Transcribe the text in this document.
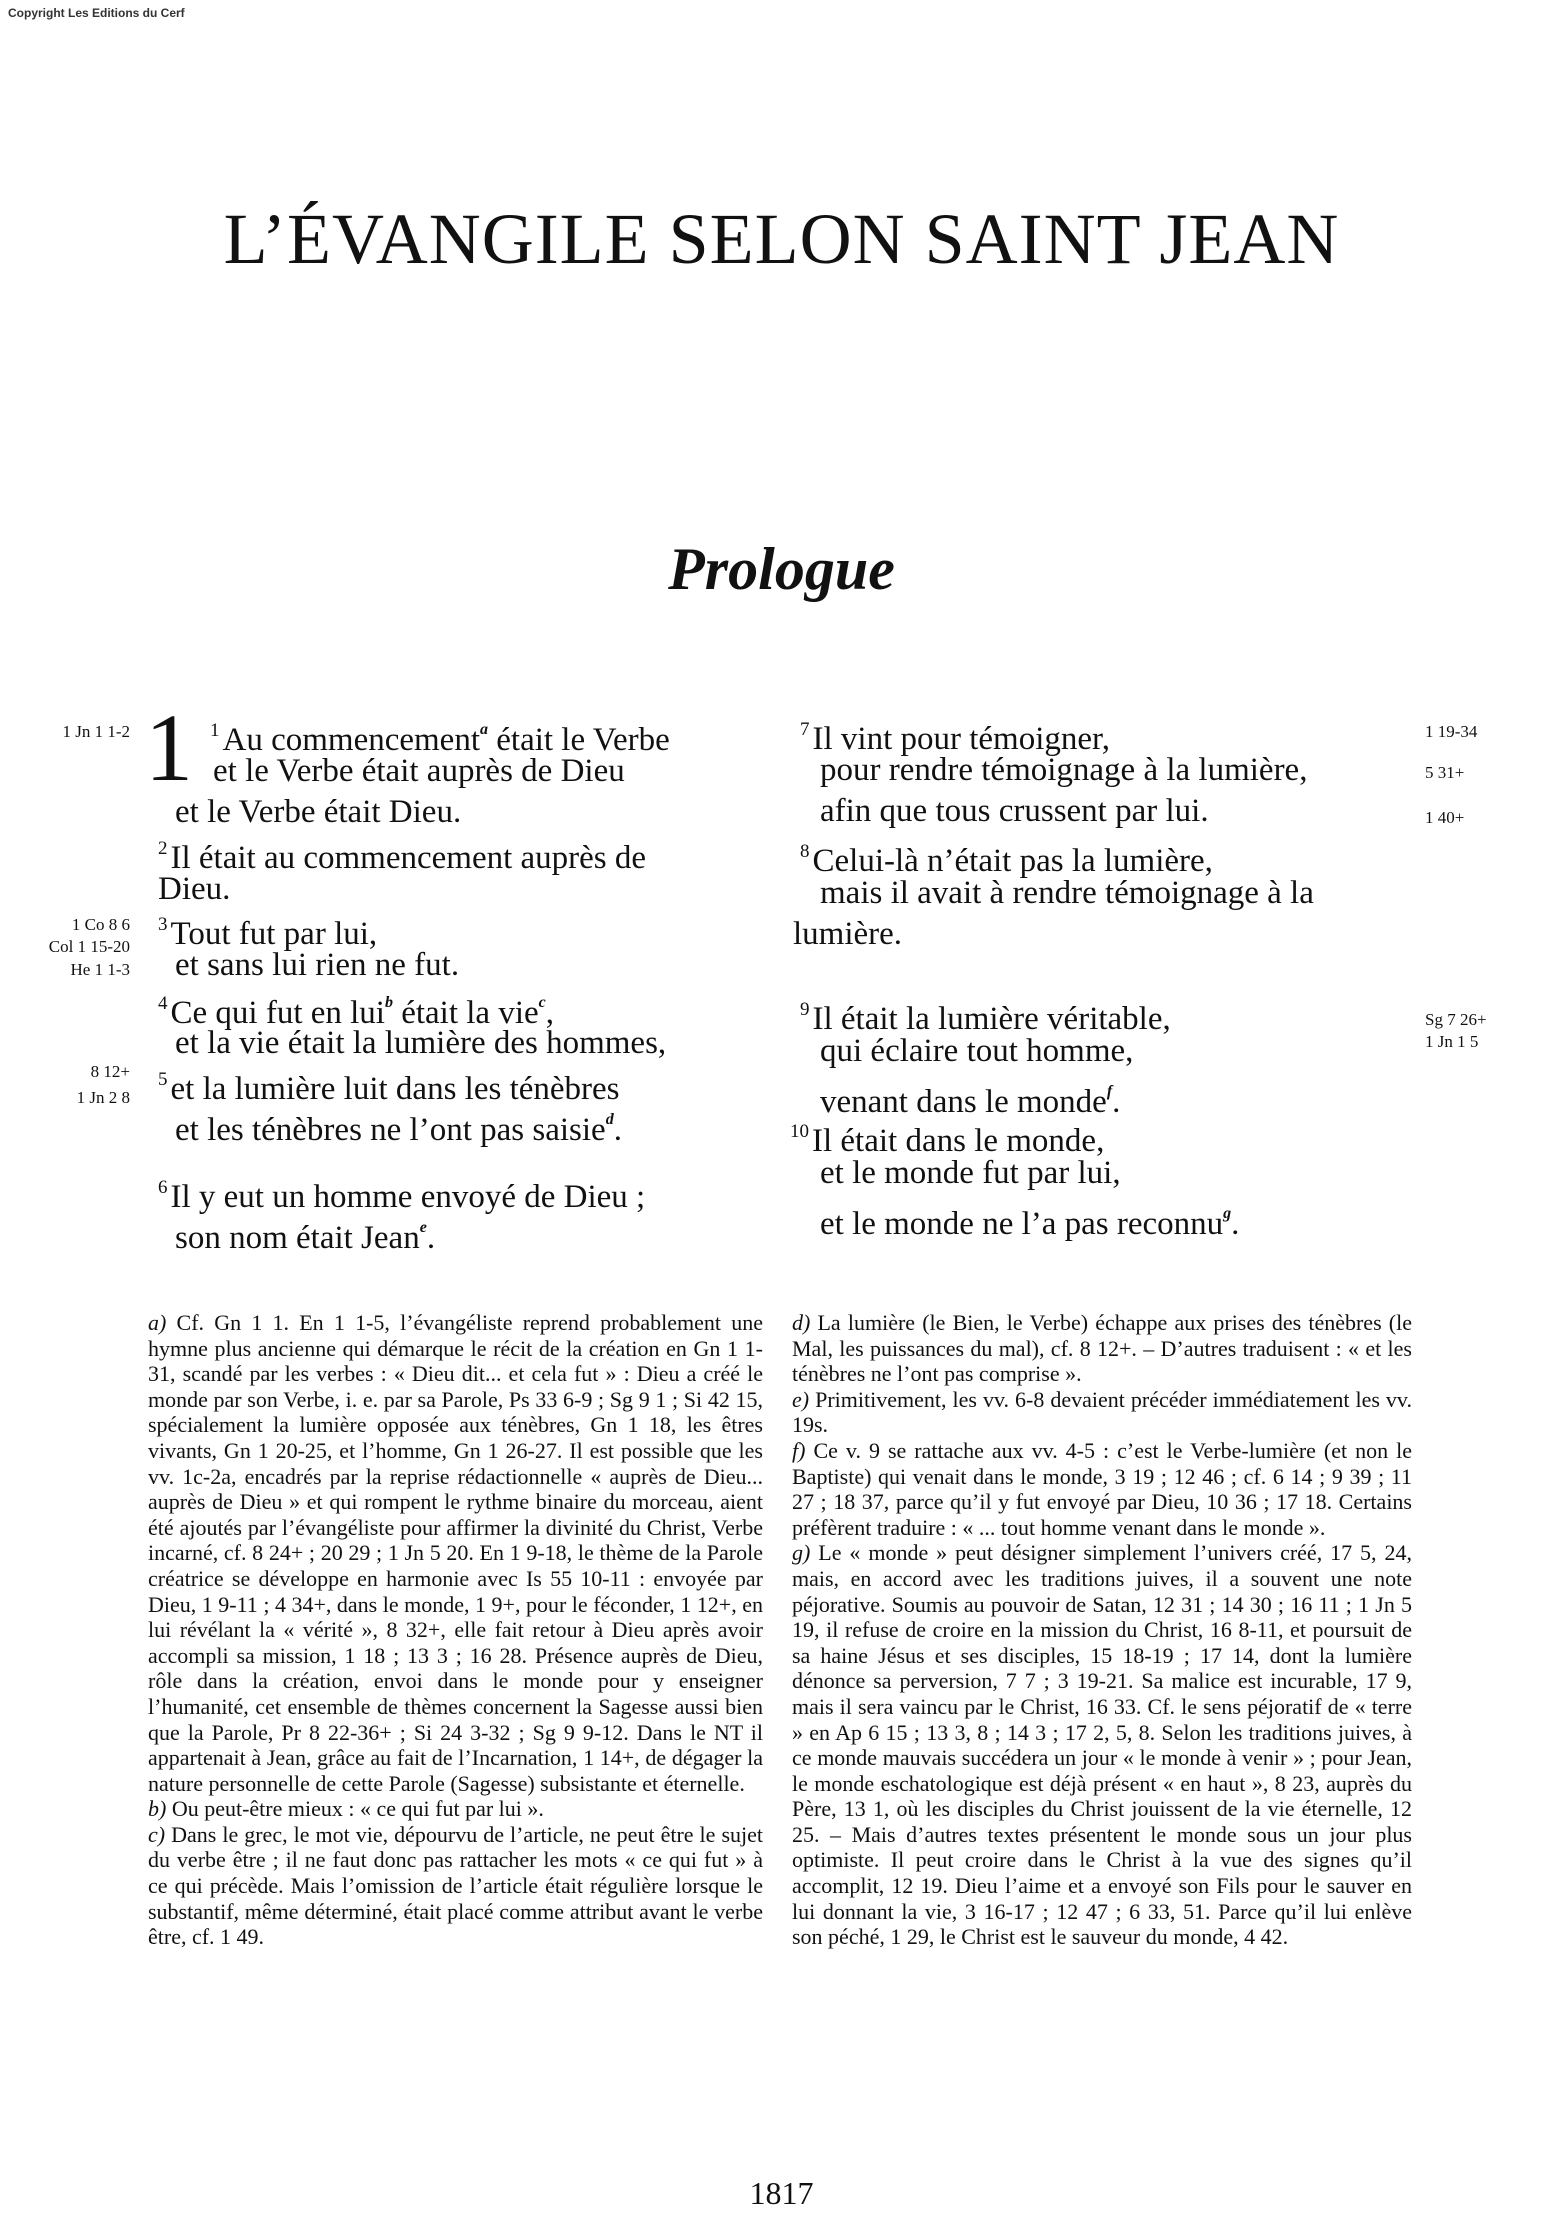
Copyright Les Editions du Cerf
L’ÉVANGILE SELON SAINT JEAN
Prologue
1 Jn 1 1-2
1 Co 8 6
Col 1 15-20
He 1 1-3
8 12+
1 Jn 2 8
1 19-34
5 31+
1 40+
Sg 7 26+
1 Jn 1 5
1 $^1$Au commencement$^a$ était le Verbe
et le Verbe était auprès de Dieu
et le Verbe était Dieu.
$^2$Il était au commencement auprès de
Dieu.
$^3$Tout fut par lui,
et sans lui rien ne fut.
$^4$Ce qui fut en lui$^b$ était la vie$^c$,
et la vie était la lumière des hommes,
$^5$et la lumière luit dans les ténèbres
et les ténèbres ne l’ont pas saisie$^d$.
$^6$Il y eut un homme envoyé de Dieu ;
son nom était Jean$^e$.
$^7$Il vint pour témoigner,
pour rendre témoignage à la lumière,
afin que tous crussent par lui.
$^8$Celui-là n’était pas la lumière,
mais il avait à rendre témoignage à la
lumière.
$^9$Il était la lumière véritable,
qui éclaire tout homme,
venant dans le monde$^f$.
$^{10}$Il était dans le monde,
et le monde fut par lui,
et le monde ne l’a pas reconnu$^g$.

a) Cf. Gn 1 1. En 1 1-5, l’évangéliste reprend probablement une hymne plus ancienne qui démarque le récit de la création en Gn 1 1-31, scandé par les verbes : « Dieu dit... et cela fut » : Dieu a créé le monde par son Verbe, i. e. par sa Parole, Ps 33 6-9 ; Sg 9 1 ; Si 42 15, spécialement la lumière opposée aux ténèbres, Gn 1 18, les êtres vivants, Gn 1 20-25, et l’homme, Gn 1 26-27. Il est possible que les vv. 1c-2a, encadrés par la reprise rédactionnelle « auprès de Dieu... auprès de Dieu » et qui rompent le rythme binaire du morceau, aient été ajoutés par l’évangéliste pour affirmer la divinité du Christ, Verbe incarné, cf. 8 24+ ; 20 29 ; 1 Jn 5 20. En 1 9-18, le thème de la Parole créatrice se développe en harmonie avec Is 55 10-11 : envoyée par Dieu, 1 9-11 ; 4 34+, dans le monde, 1 9+, pour le féconder, 1 12+, en lui révélant la « vérité », 8 32+, elle fait retour à Dieu après avoir accompli sa mission, 1 18 ; 13 3 ; 16 28. Présence auprès de Dieu, rôle dans la création, envoi dans le monde pour y enseigner l’humanité, cet ensemble de thèmes concernent la Sagesse aussi bien que la Parole, Pr 8 22-36+ ; Si 24 3-32 ; Sg 9 9-12. Dans le NT il appartenait à Jean, grâce au fait de l’Incarnation, 1 14+, de dégager la nature personnelle de cette Parole (Sagesse) subsistante et éternelle.

b) Ou peut-être mieux : « ce qui fut par lui ».

c) Dans le grec, le mot vie, dépourvu de l’article, ne peut être le sujet du verbe être ; il ne faut donc pas rattacher les mots « ce qui fut » à ce qui précède. Mais l’omission de l’article était régulière lorsque le substantif, même déterminé, était placé comme attribut avant le verbe être, cf. 1 49.

d) La lumière (le Bien, le Verbe) échappe aux prises des ténèbres (le Mal, les puissances du mal), cf. 8 12+. – D’autres traduisent : « et les ténèbres ne l’ont pas comprise ».

e) Primitivement, les vv. 6-8 devaient précéder immédiatement les vv. 19s.

f) Ce v. 9 se rattache aux vv. 4-5 : c’est le Verbe-lumière (et non le Baptiste) qui venait dans le monde, 3 19 ; 12 46 ; cf. 6 14 ; 9 39 ; 11 27 ; 18 37, parce qu’il y fut envoyé par Dieu, 10 36 ; 17 18. Certains préfèrent traduire : « ... tout homme venant dans le monde ».

g) Le « monde » peut désigner simplement l’univers créé, 17 5, 24, mais, en accord avec les traditions juives, il a souvent une note péjorative. Soumis au pouvoir de Satan, 12 31 ; 14 30 ; 16 11 ; 1 Jn 5 19, il refuse de croire en la mission du Christ, 16 8-11, et poursuit de sa haine Jésus et ses disciples, 15 18-19 ; 17 14, dont la lumière dénonce sa perversion, 7 7 ; 3 19-21. Sa malice est incurable, 17 9, mais il sera vaincu par le Christ, 16 33. Cf. le sens péjoratif de « terre » en Ap 6 15 ; 13 3, 8 ; 14 3 ; 17 2, 5, 8. Selon les traditions juives, à ce monde mauvais succédera un jour « le monde à venir » ; pour Jean, le monde eschatologique est déjà présent « en haut », 8 23, auprès du Père, 13 1, où les disciples du Christ jouissent de la vie éternelle, 12 25. – Mais d’autres textes présentent le monde sous un jour plus optimiste. Il peut croire dans le Christ à la vue des signes qu’il accomplit, 12 19. Dieu l’aime et a envoyé son Fils pour le sauver en lui donnant la vie, 3 16-17 ; 12 47 ; 6 33, 51. Parce qu’il lui enlève son péché, 1 29, le Christ est le sauveur du monde, 4 42.

1817
